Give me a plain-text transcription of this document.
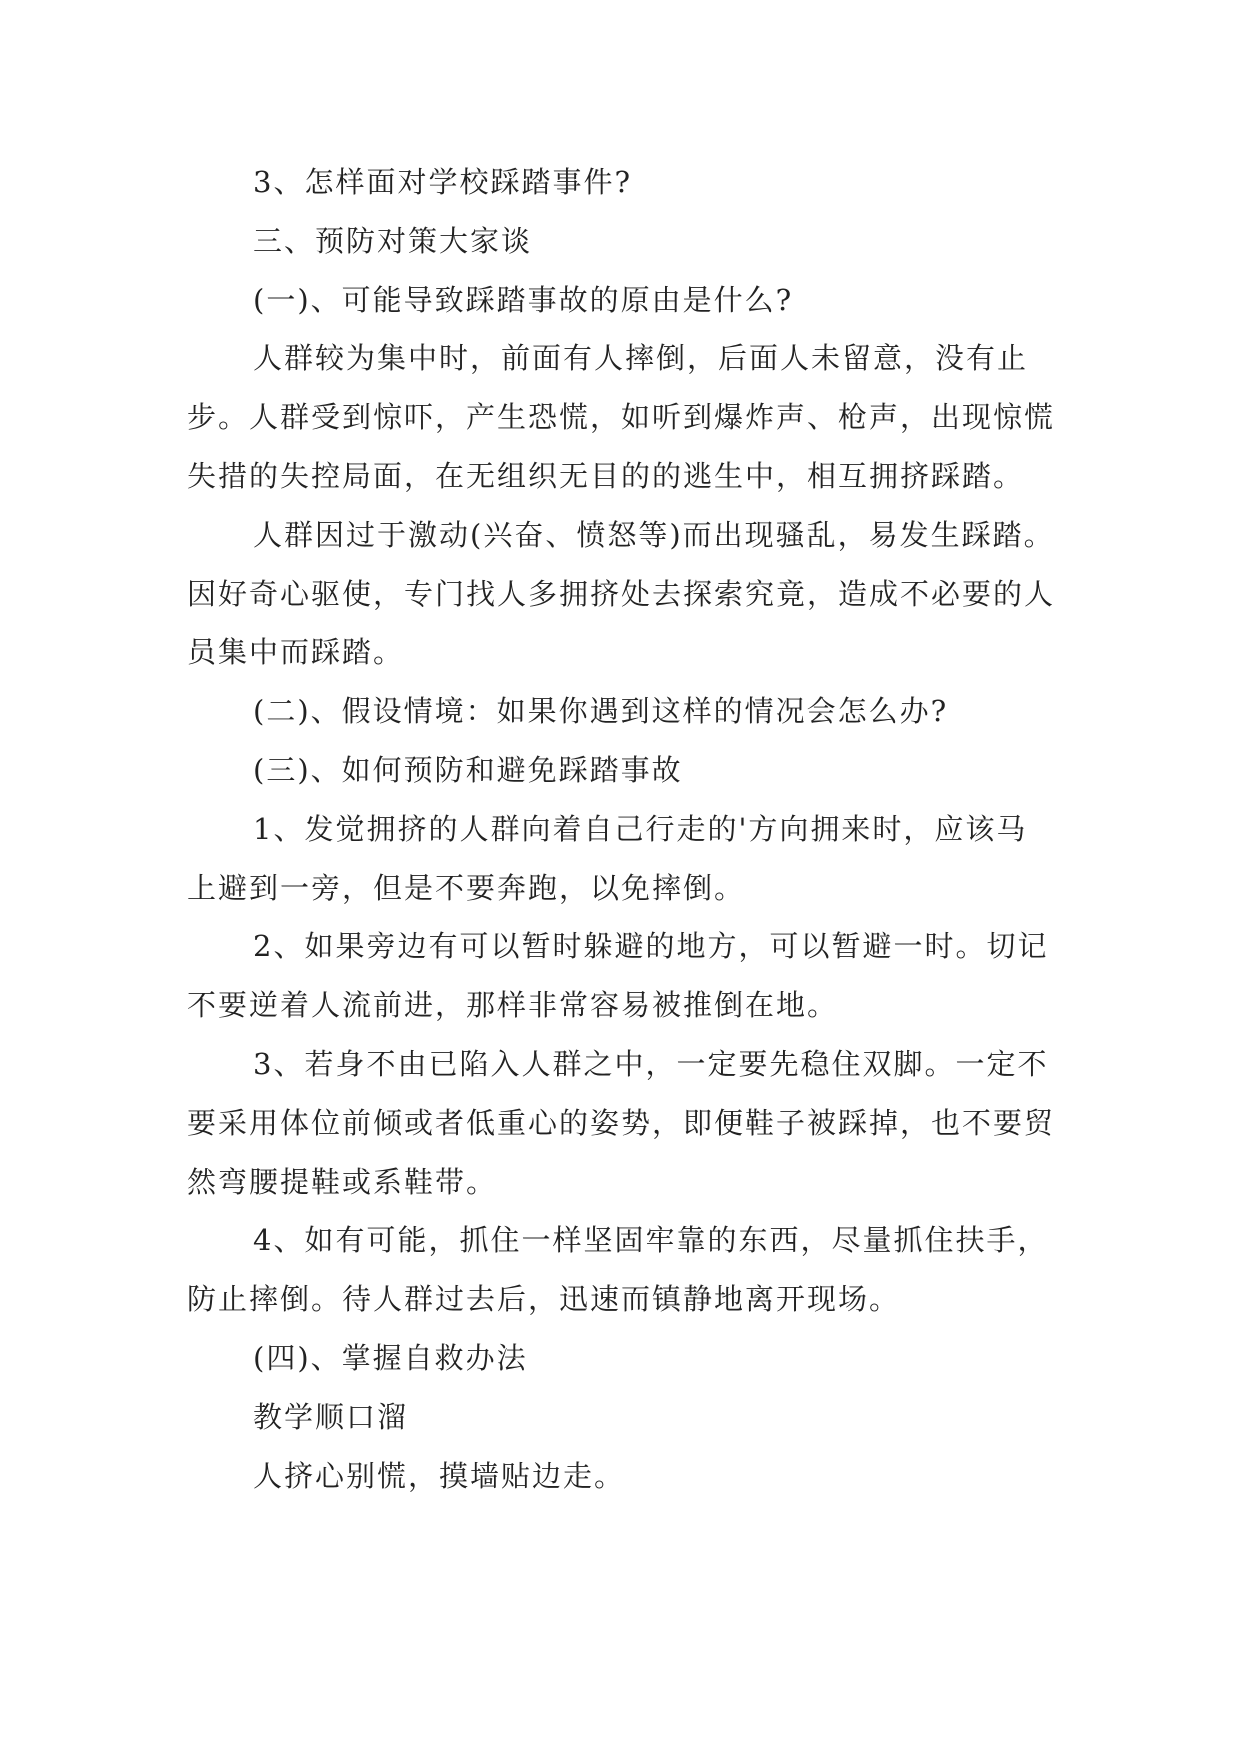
3、怎样面对学校踩踏事件?

三、预防对策大家谈

(一)、可能导致踩踏事故的原由是什么?

人群较为集中时，前面有人摔倒，后面人未留意，没有止步。人群受到惊吓，产生恐慌，如听到爆炸声、枪声，出现惊慌失措的失控局面，在无组织无目的的逃生中，相互拥挤踩踏。

人群因过于激动(兴奋、愤怒等)而出现骚乱，易发生踩踏。因好奇心驱使，专门找人多拥挤处去探索究竟，造成不必要的人员集中而踩踏。

(二)、假设情境：如果你遇到这样的情况会怎么办?

(三)、如何预防和避免踩踏事故

1、发觉拥挤的人群向着自己行走的'方向拥来时，应该马上避到一旁，但是不要奔跑，以免摔倒。

2、如果旁边有可以暂时躲避的地方，可以暂避一时。切记不要逆着人流前进，那样非常容易被推倒在地。

3、若身不由已陷入人群之中，一定要先稳住双脚。一定不要采用体位前倾或者低重心的姿势，即便鞋子被踩掉，也不要贸然弯腰提鞋或系鞋带。

4、如有可能，抓住一样坚固牢靠的东西，尽量抓住扶手，防止摔倒。待人群过去后，迅速而镇静地离开现场。

(四)、掌握自救办法

教学顺口溜

人挤心别慌，摸墙贴边走。
